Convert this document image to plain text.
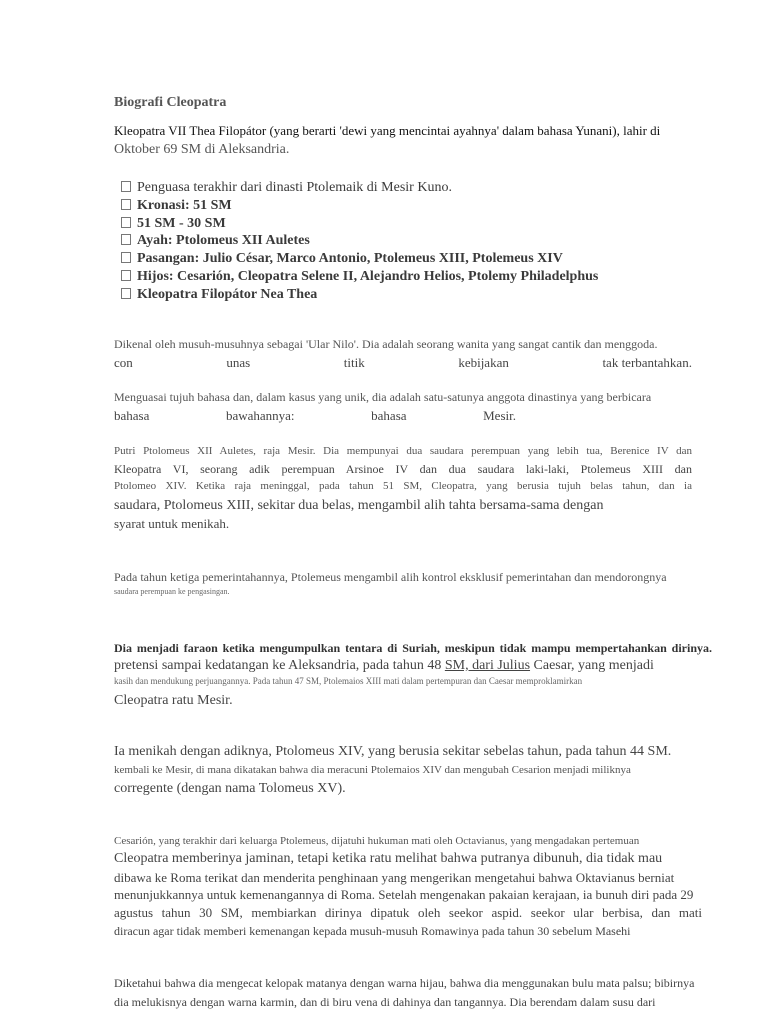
Biografi Cleopatra
Kleopatra VII Thea Filopátor (yang berarti 'dewi yang mencintai ayahnya' dalam bahasa Yunani), lahir di
Oktober 69 SM di Aleksandria.
Penguasa terakhir dari dinasti Ptolemaik di Mesir Kuno.
Kronasi: 51 SM
51 SM - 30 SM
Ayah: Ptolomeus XII Auletes
Pasangan: Julio César, Marco Antonio, Ptolemeus XIII, Ptolemeus XIV
Hijos: Cesarión, Cleopatra Selene II, Alejandro Helios, Ptolemy Philadelphus
Kleopatra Filopátor Nea Thea
Dikenal oleh musuh-musuhnya sebagai 'Ular Nilo'. Dia adalah seorang wanita yang sangat cantik dan menggoda.
con	unas	titik	kebijakan	tak terbantahkan.
Menguasai tujuh bahasa dan, dalam kasus yang unik, dia adalah satu-satunya anggota dinastinya yang berbicara
bahasa	bawahannya:	bahasa	Mesir.
Putri Ptolomeus XII Auletes, raja Mesir. Dia mempunyai dua saudara perempuan yang lebih tua, Berenice IV dan
Kleopatra VI, seorang adik perempuan Arsinoe IV dan dua saudara laki-laki, Ptolemeus XIII dan
Ptolomeo XIV. Ketika raja meninggal, pada tahun 51 SM, Cleopatra, yang berusia tujuh belas tahun, dan ia
saudara, Ptolomeus XIII, sekitar dua belas, mengambil alih tahta bersama-sama dengan
syarat untuk menikah.
Pada tahun ketiga pemerintahannya, Ptolemeus mengambil alih kontrol eksklusif pemerintahan dan mendorongnya
saudara perempuan ke pengasingan.
Dia menjadi faraon ketika mengumpulkan tentara di Suriah, meskipun tidak mampu mempertahankan dirinya.
pretensi sampai kedatangan ke Aleksandria, pada tahun 48 SM, dari Julius Caesar, yang menjadi
kasih dan mendukung perjuangannya. Pada tahun 47 SM, Ptolemaios XIII mati dalam pertempuran dan Caesar memproklamirkan
Cleopatra ratu Mesir.
Ia menikah dengan adiknya, Ptolomeus XIV, yang berusia sekitar sebelas tahun, pada tahun 44 SM.
kembali ke Mesir, di mana dikatakan bahwa dia meracuni Ptolemaios XIV dan mengubah Cesarion menjadi miliknya
corregente (dengan nama Tolomeus XV).
Cesarión, yang terakhir dari keluarga Ptolemeus, dijatuhi hukuman mati oleh Octavianus, yang mengadakan pertemuan
Cleopatra memberinya jaminan, tetapi ketika ratu melihat bahwa putranya dibunuh, dia tidak mau
dibawa ke Roma terikat dan menderita penghinaan yang mengerikan mengetahui bahwa Oktavianus berniat
menunjukkannya untuk kemenangannya di Roma. Setelah mengenakan pakaian kerajaan, ia bunuh diri pada 29
agustus tahun 30 SM, membiarkan dirinya dipatuk oleh seekor aspid. seekor ular berbisa, dan mati
diracun agar tidak memberi kemenangan kepada musuh-musuh Romawinya pada tahun 30 sebelum Masehi
Diketahui bahwa dia mengecat kelopak matanya dengan warna hijau, bahwa dia menggunakan bulu mata palsu; bibirnya
dia melukisnya dengan warna karmin, dan di biru vena di dahinya dan tangannya. Dia berendam dalam susu dari
